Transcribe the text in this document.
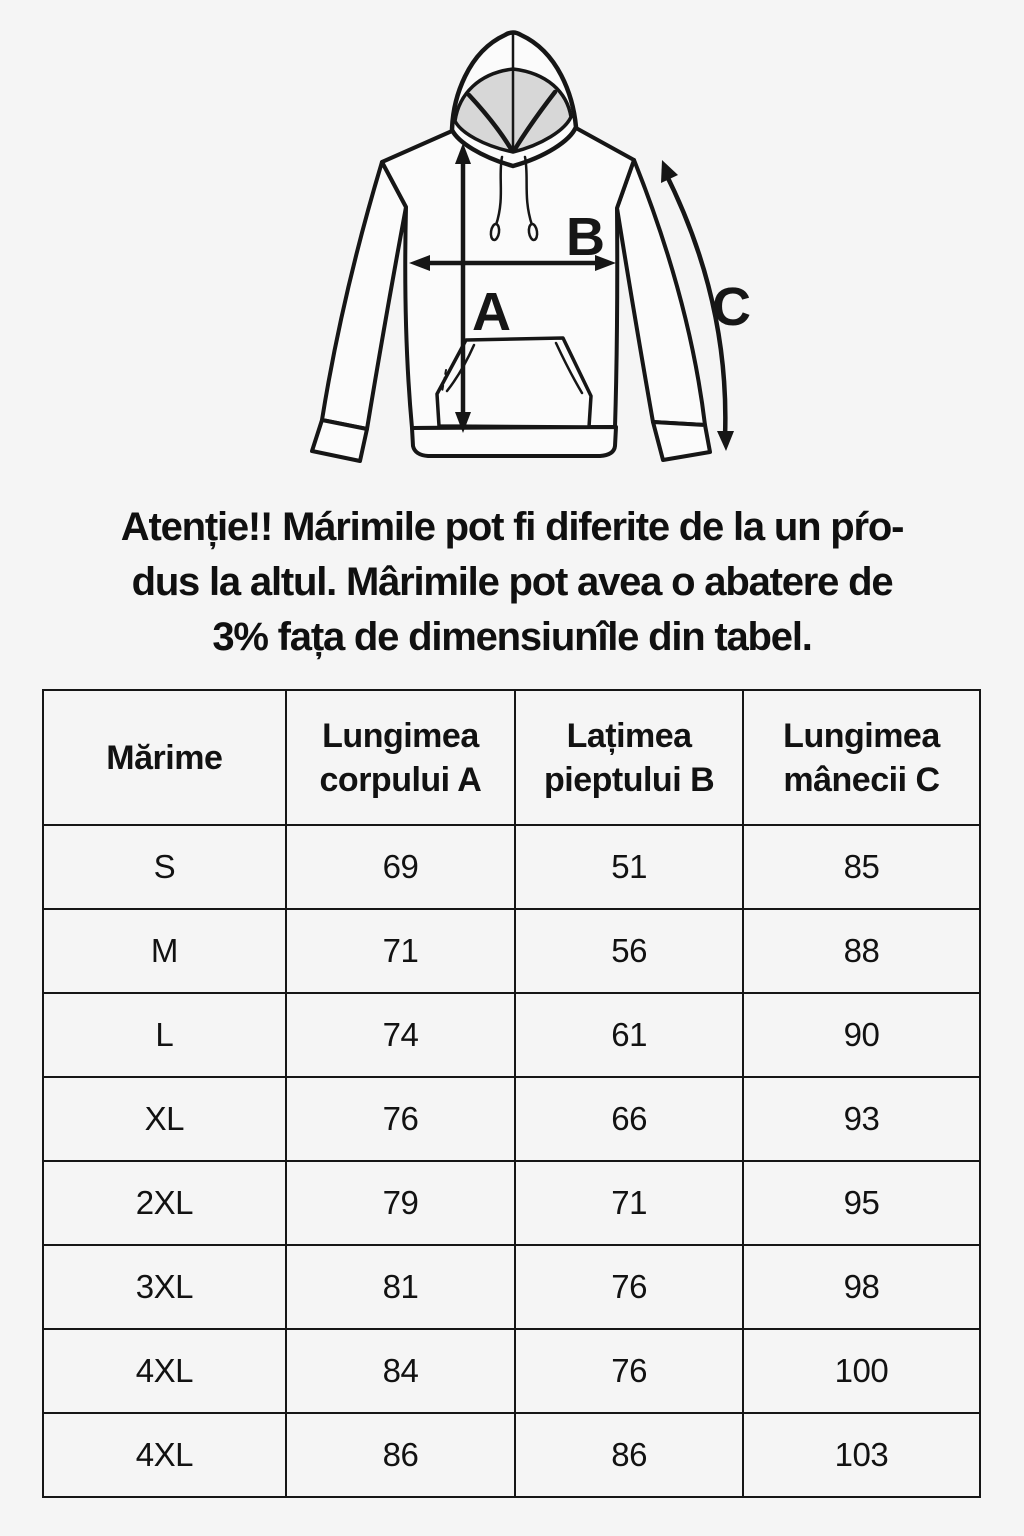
A
B
C
Atenție!! Márimile pot fi diferite de la un pŕo-
dus la altul. Mârimile pot avea o abatere de
3% fața de dimensiunîle din tabel.
Mărime	Lungimea corpului A	Lațimea pieptului B	Lungimea mânecii C
S	69	51	85
M	71	56	88
L	74	61	90
XL	76	66	93
2XL	79	71	95
3XL	81	76	98
4XL	84	76	100
4XL	86	86	103
